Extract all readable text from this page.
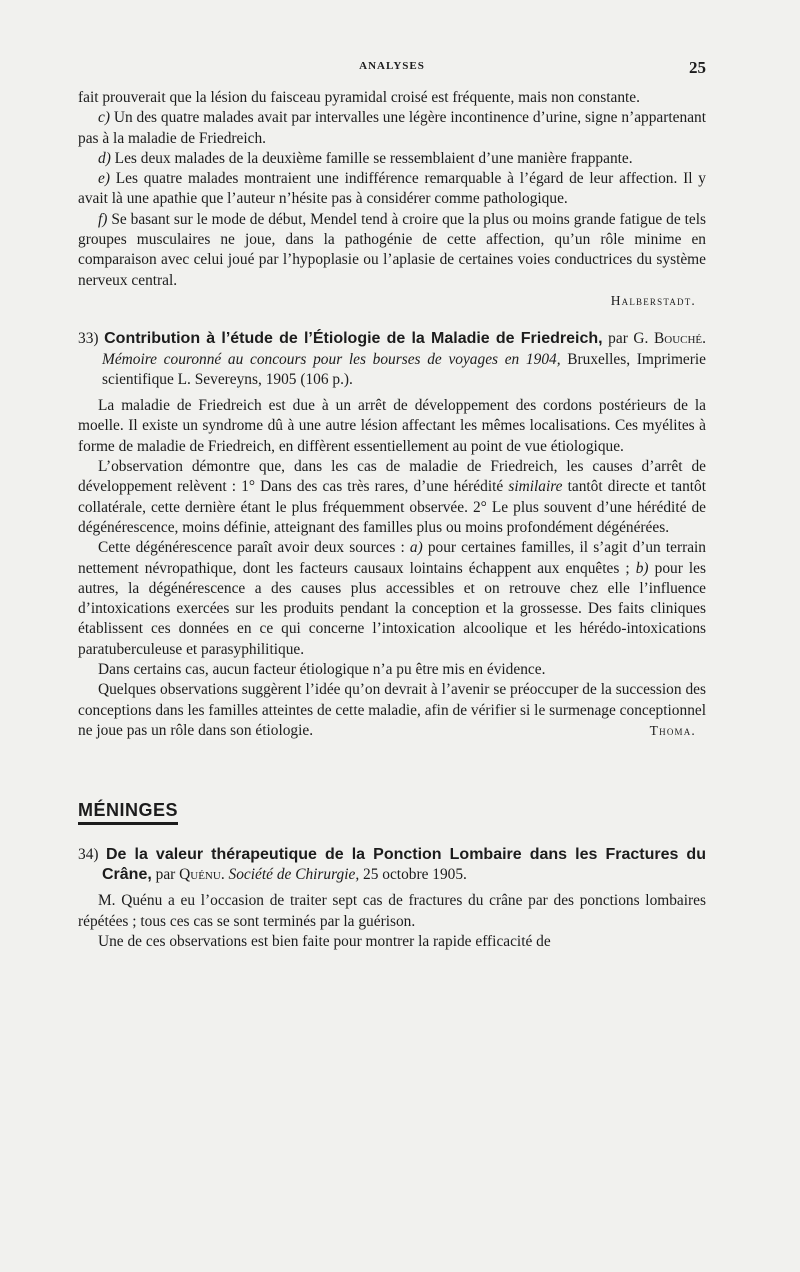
ANALYSES	25

fait prouverait que la lésion du faisceau pyramidal croisé est fréquente, mais non constante.

c) Un des quatre malades avait par intervalles une légère incontinence d’urine, signe n’appartenant pas à la maladie de Friedreich.

d) Les deux malades de la deuxième famille se ressemblaient d’une manière frappante.

e) Les quatre malades montraient une indifférence remarquable à l’égard de leur affection. Il y avait là une apathie que l’auteur n’hésite pas à considérer comme pathologique.

f) Se basant sur le mode de début, Mendel tend à croire que la plus ou moins grande fatigue de tels groupes musculaires ne joue, dans la pathogénie de cette affection, qu’un rôle minime en comparaison avec celui joué par l’hypoplasie ou l’aplasie de certaines voies conductrices du système nerveux central.

Halberstadt.

33) Contribution à l’étude de l’Étiologie de la Maladie de Friedreich, par G. Bouché. Mémoire couronné au concours pour les bourses de voyages en 1904, Bruxelles, Imprimerie scientifique L. Severeyns, 1905 (106 p.).

La maladie de Friedreich est due à un arrêt de développement des cordons postérieurs de la moelle. Il existe un syndrome dû à une autre lésion affectant les mêmes localisations. Ces myélites à forme de maladie de Friedreich, en diffèrent essentiellement au point de vue étiologique.

L’observation démontre que, dans les cas de maladie de Friedreich, les causes d’arrêt de développement relèvent : 1° Dans des cas très rares, d’une hérédité similaire tantôt directe et tantôt collatérale, cette dernière étant le plus fréquemment observée. 2° Le plus souvent d’une hérédité de dégénérescence, moins définie, atteignant des familles plus ou moins profondément dégénérées.

Cette dégénérescence paraît avoir deux sources : a) pour certaines familles, il s’agit d’un terrain nettement névropathique, dont les facteurs causaux lointains échappent aux enquêtes ; b) pour les autres, la dégénérescence a des causes plus accessibles et on retrouve chez elle l’influence d’intoxications exercées sur les produits pendant la conception et la grossesse. Des faits cliniques établissent ces données en ce qui concerne l’intoxication alcoolique et les hérédo-intoxications paratuberculeuse et parasyphilitique.

Dans certains cas, aucun facteur étiologique n’a pu être mis en évidence.

Quelques observations suggèrent l’idée qu’on devrait à l’avenir se préoccuper de la succession des conceptions dans les familles atteintes de cette maladie, afin de vérifier si le surmenage conceptionnel ne joue pas un rôle dans son étiologie.	Thoma.

MÉNINGES

34) De la valeur thérapeutique de la Ponction Lombaire dans les Fractures du Crâne, par Quénu. Société de Chirurgie, 25 octobre 1905.

M. Quénu a eu l’occasion de traiter sept cas de fractures du crâne par des ponctions lombaires répétées ; tous ces cas se sont terminés par la guérison.

Une de ces observations est bien faite pour montrer la rapide efficacité de
